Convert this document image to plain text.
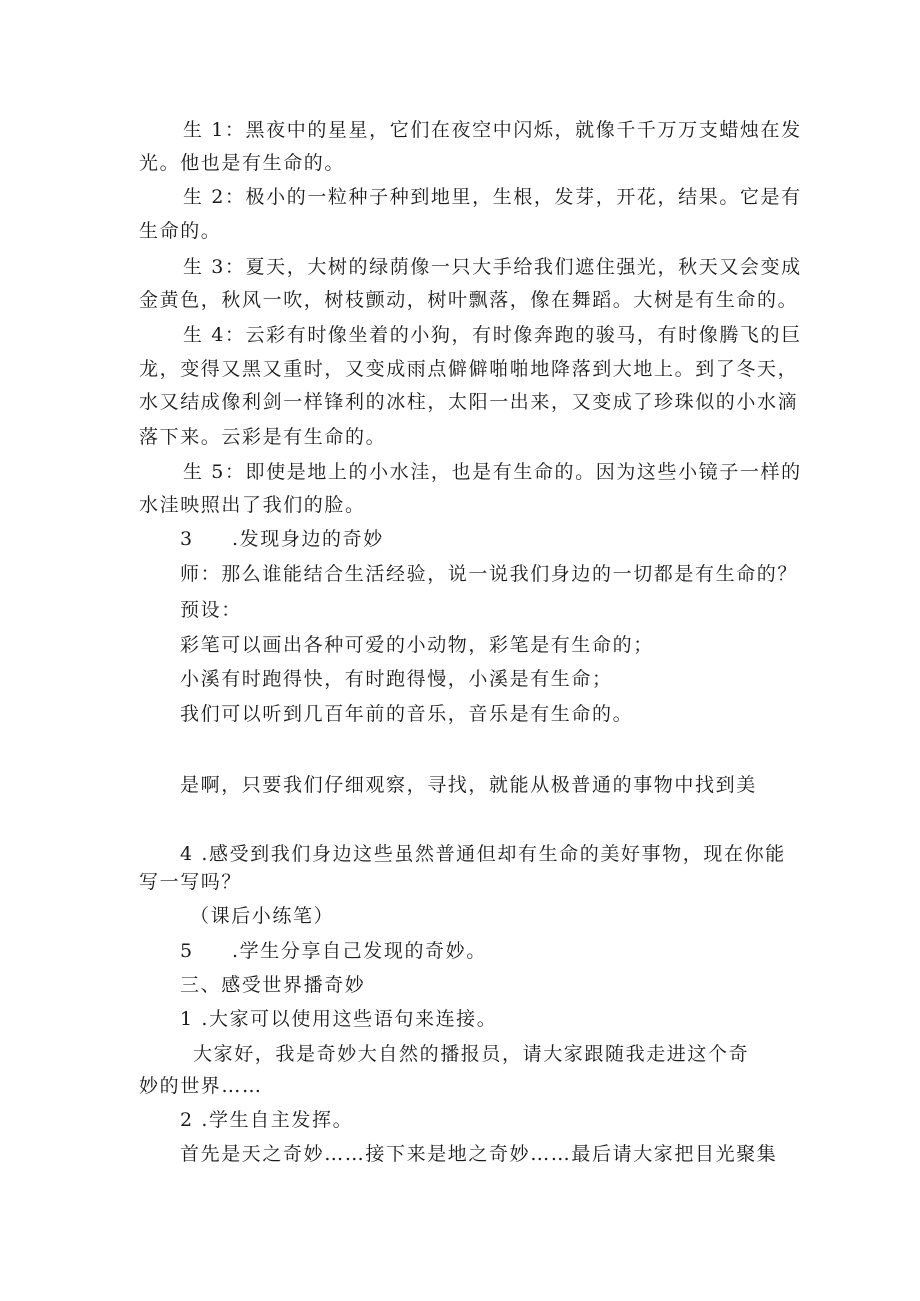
生 1：黑夜中的星星，它们在夜空中闪烁，就像千千万万支蜡烛在发

光。他也是有生命的。

生 2：极小的一粒种子种到地里，生根，发芽，开花，结果。它是有

生命的。

生 3：夏天，大树的绿荫像一只大手给我们遮住强光，秋天又会变成

金黄色，秋风一吹，树枝颤动，树叶飘落，像在舞蹈。大树是有生命的。

生 4：云彩有时像坐着的小狗，有时像奔跑的骏马，有时像腾飞的巨

龙，变得又黑又重时，又变成雨点僻僻啪啪地降落到大地上。到了冬天，

水又结成像利剑一样锋利的冰柱，太阳一出来，又变成了珍珠似的小水滴

落下来。云彩是有生命的。

生 5：即使是地上的小水洼，也是有生命的。因为这些小镜子一样的

水洼映照出了我们的脸。

3 .发现身边的奇妙

师：那么谁能结合生活经验，说一说我们身边的一切都是有生命的？

预设：

彩笔可以画出各种可爱的小动物，彩笔是有生命的；

小溪有时跑得快，有时跑得慢，小溪是有生命；

我们可以听到几百年前的音乐，音乐是有生命的。

是啊，只要我们仔细观察，寻找，就能从极普通的事物中找到美

4 .感受到我们身边这些虽然普通但却有生命的美好事物，现在你能

写一写吗？

（课后小练笔）

5 .学生分享自己发现的奇妙。

三、感受世界播奇妙

1 .大家可以使用这些语句来连接。

大家好，我是奇妙大自然的播报员，请大家跟随我走进这个奇

妙的世界……

2 .学生自主发挥。

首先是天之奇妙……接下来是地之奇妙……最后请大家把目光聚集
